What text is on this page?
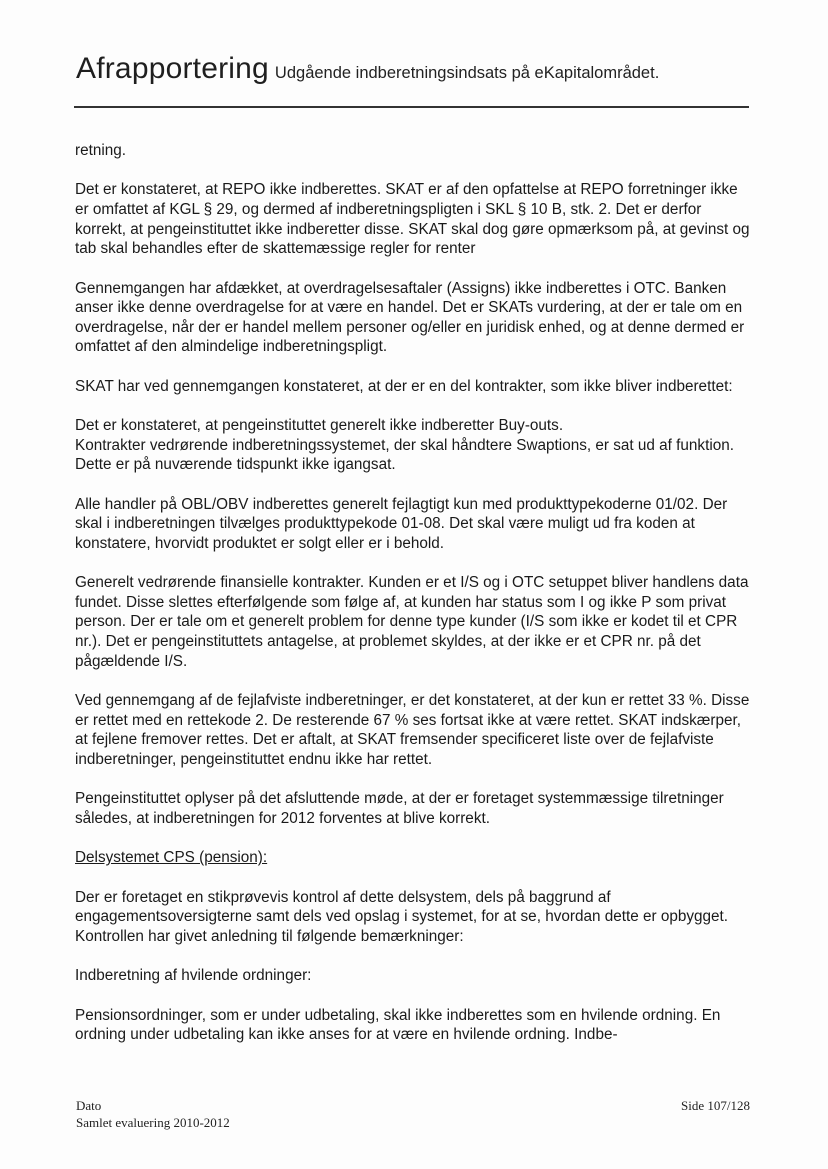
Afrapportering Udgående indberetningsindsats på eKapitalområdet.

retning.

Det er konstateret, at REPO ikke indberettes. SKAT er af den opfattelse at REPO forretninger ikke er omfattet af KGL § 29, og dermed af indberetningspligten i SKL § 10 B, stk. 2. Det er derfor korrekt, at pengeinstituttet ikke indberetter disse. SKAT skal dog gøre opmærksom på, at gevinst og tab skal behandles efter de skattemæssige regler for renter

Gennemgangen har afdækket, at overdragelsesaftaler (Assigns) ikke indberettes i OTC. Banken anser ikke denne overdragelse for at være en handel. Det er SKATs vurdering, at der er tale om en overdragelse, når der er handel mellem personer og/eller en juridisk enhed, og at denne dermed er omfattet af den almindelige indberetningspligt.

SKAT har ved gennemgangen konstateret, at der er en del kontrakter, som ikke bliver indberettet:

Det er konstateret, at pengeinstituttet generelt ikke indberetter Buy-outs.

Kontrakter vedrørende indberetningssystemet, der skal håndtere Swaptions, er sat ud af funktion. Dette er på nuværende tidspunkt ikke igangsat.

Alle handler på OBL/OBV indberettes generelt fejlagtigt kun med produkttypekoderne 01/02. Der skal i indberetningen tilvælges produkttypekode 01-08. Det skal være muligt ud fra koden at konstatere, hvorvidt produktet er solgt eller er i behold.

Generelt vedrørende finansielle kontrakter. Kunden er et I/S og i OTC setuppet bliver handlens data fundet. Disse slettes efterfølgende som følge af, at kunden har status som I og ikke P som privat person. Der er tale om et generelt problem for denne type kunder (I/S som ikke er kodet til et CPR nr.). Det er pengeinstituttets antagelse, at problemet skyldes, at der ikke er et CPR nr. på det pågældende I/S.

Ved gennemgang af de fejlafviste indberetninger, er det konstateret, at der kun er rettet 33 %. Disse er rettet med en rettekode 2. De resterende 67 % ses fortsat ikke at være rettet. SKAT indskærper, at fejlene fremover rettes. Det er aftalt, at SKAT fremsender specificeret liste over de fejlafviste indberetninger, pengeinstituttet endnu ikke har rettet.

Pengeinstituttet oplyser på det afsluttende møde, at der er foretaget systemmæssige tilretninger således, at indberetningen for 2012 forventes at blive korrekt.

Delsystemet CPS (pension):

Der er foretaget en stikprøvevis kontrol af dette delsystem, dels på baggrund af engagementsoversigterne samt dels ved opslag i systemet, for at se, hvordan dette er opbygget. Kontrollen har givet anledning til følgende bemærkninger:

Indberetning af hvilende ordninger:

Pensionsordninger, som er under udbetaling, skal ikke indberettes som en hvilende ordning. En ordning under udbetaling kan ikke anses for at være en hvilende ordning. Indbe-

Dato
Samlet evaluering 2010-2012
Side 107/128
